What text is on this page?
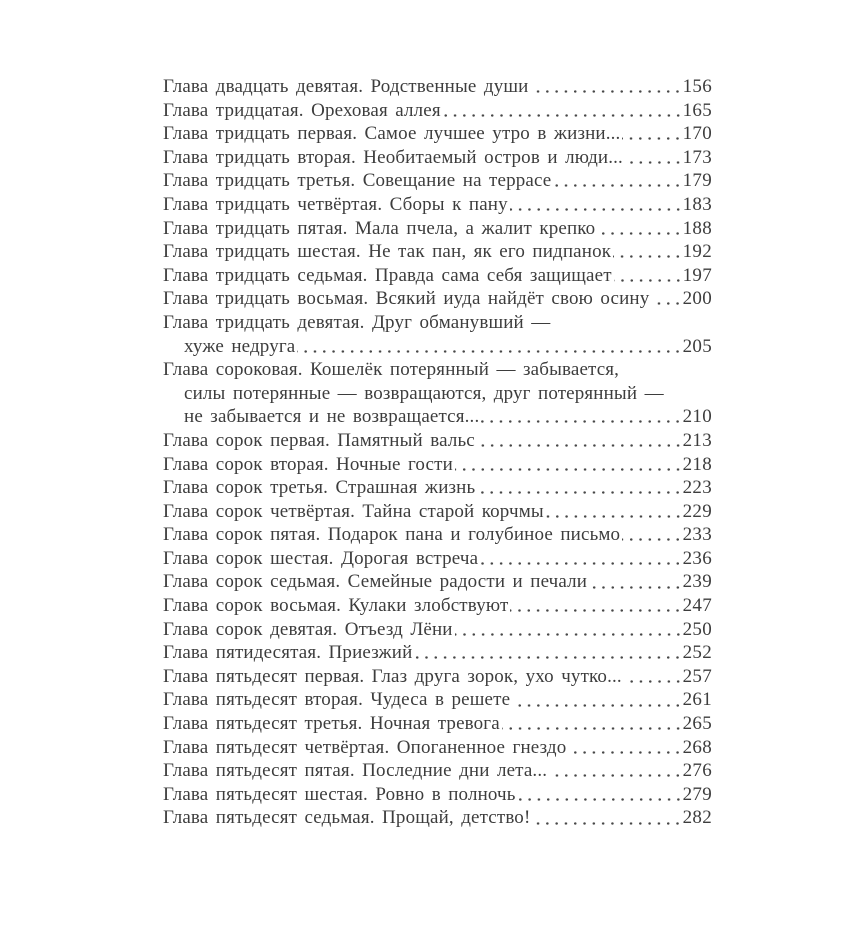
Глава двадцать девятая. Родственные души	156
Глава тридцатая. Ореховая аллея	165
Глава тридцать первая. Самое лучшее утро в жизни...	170
Глава тридцать вторая. Необитаемый остров и люди...	173
Глава тридцать третья. Совещание на террасе	179
Глава тридцать четвёртая. Сборы к пану	183
Глава тридцать пятая. Мала пчела, а жалит крепко	188
Глава тридцать шестая. Не так пан, як его пидпанок	192
Глава тридцать седьмая. Правда сама себя защищает	197
Глава тридцать восьмая. Всякий иуда найдёт свою осину 200
Глава тридцать девятая. Друг обманувший —
хуже недруга	205
Глава сороковая. Кошелёк потерянный — забывается,
силы потерянные — возвращаются, друг потерянный —
не забывается и не возвращается...	210
Глава сорок первая. Памятный вальс	213
Глава сорок вторая. Ночные гости	218
Глава сорок третья. Страшная жизнь	223
Глава сорок четвёртая. Тайна старой корчмы	229
Глава сорок пятая. Подарок пана и голубиное письмо	233
Глава сорок шестая. Дорогая встреча	236
Глава сорок седьмая. Семейные радости и печали	239
Глава сорок восьмая. Кулаки злобствуют	247
Глава сорок девятая. Отъезд Лёни	250
Глава пятидесятая. Приезжий	252
Глава пятьдесят первая. Глаз друга зорок, ухо чутко...	257
Глава пятьдесят вторая. Чудеса в решете	261
Глава пятьдесят третья. Ночная тревога	265
Глава пятьдесят четвёртая. Опоганенное гнездо	268
Глава пятьдесят пятая. Последние дни лета...	276
Глава пятьдесят шестая. Ровно в полночь	279
Глава пятьдесят седьмая. Прощай, детство!	282
